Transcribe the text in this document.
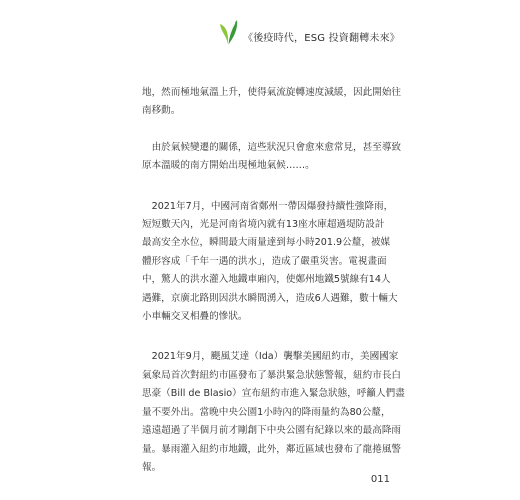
《後疫時代，ESG 投資翻轉未來》

地，然而極地氣溫上升，使得氣流旋轉速度減緩，因此開始往
南移動。

　由於氣候變遷的關係，這些狀況只會愈來愈常見，甚至導致
原本溫暖的南方開始出現極地氣候……。

　2021年7月，中國河南省鄭州一帶因爆發持續性強降雨，
短短數天內，光是河南省境內就有13座水庫超過堤防設計
最高安全水位，瞬間最大雨量達到每小時201.9公釐，被媒
體形容成「千年一遇的洪水」，造成了嚴重災害。電視畫面
中，驚人的洪水灌入地鐵車廂內，使鄭州地鐵5號線有14人
遇難，京廣北路則因洪水瞬間湧入，造成6人遇難，數十輛大
小車輛交叉相疊的慘狀。

　2021年9月，颶風艾達（Ida）襲擊美國紐約市，美國國家
氣象局首次對紐約市區發布了暴洪緊急狀態警報，紐約市長白
思豪（Bill de Blasio）宣布紐約市進入緊急狀態，呼籲人們盡
量不要外出。當晚中央公園1小時內的降雨量約為80公釐，
遠遠超過了半個月前才剛創下中央公園有紀錄以來的最高降雨
量。暴雨灌入紐約市地鐵，此外，鄰近區域也發布了龍捲風警
報。

011
